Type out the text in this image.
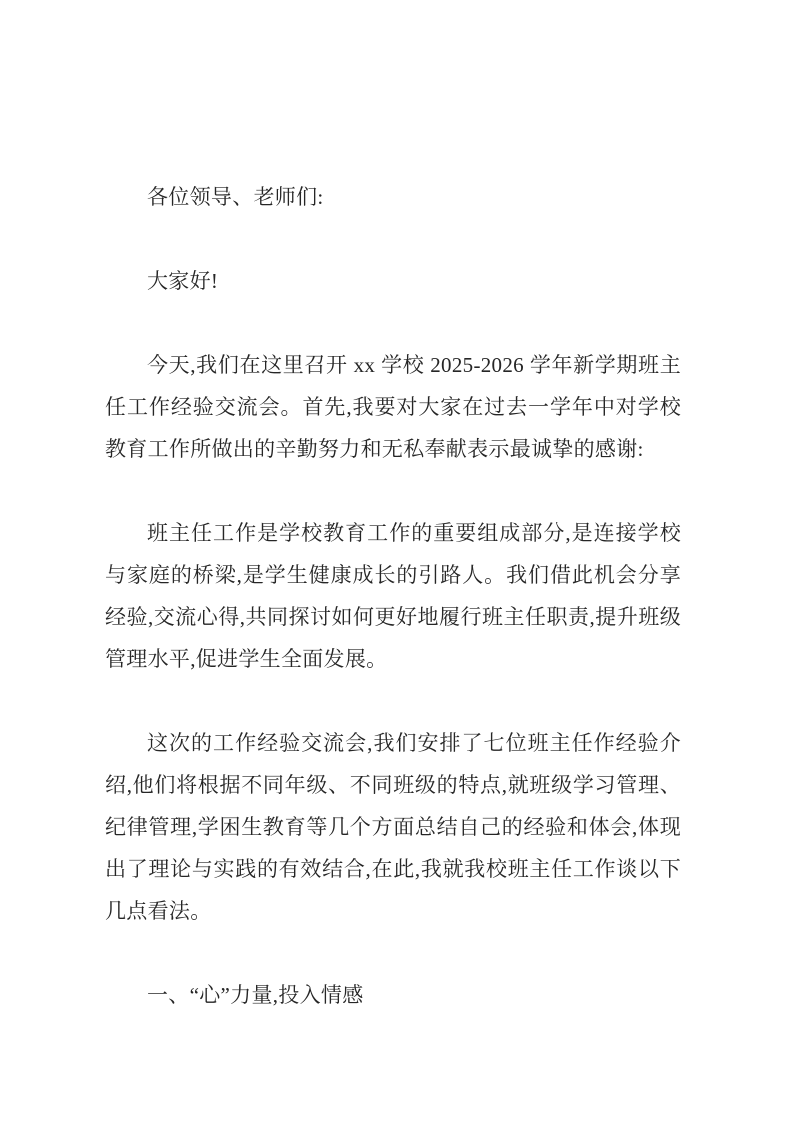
各位领导、老师们:

大家好!

今天,我们在这里召开 xx 学校 2025-2026 学年新学期班主任工作经验交流会。首先,我要对大家在过去一学年中对学校教育工作所做出的辛勤努力和无私奉献表示最诚挚的感谢:

班主任工作是学校教育工作的重要组成部分,是连接学校与家庭的桥梁,是学生健康成长的引路人。我们借此机会分享经验,交流心得,共同探讨如何更好地履行班主任职责,提升班级管理水平,促进学生全面发展。

这次的工作经验交流会,我们安排了七位班主任作经验介绍,他们将根据不同年级、不同班级的特点,就班级学习管理、纪律管理,学困生教育等几个方面总结自己的经验和体会,体现出了理论与实践的有效结合,在此,我就我校班主任工作谈以下几点看法。

一、“心”力量,投入情感
